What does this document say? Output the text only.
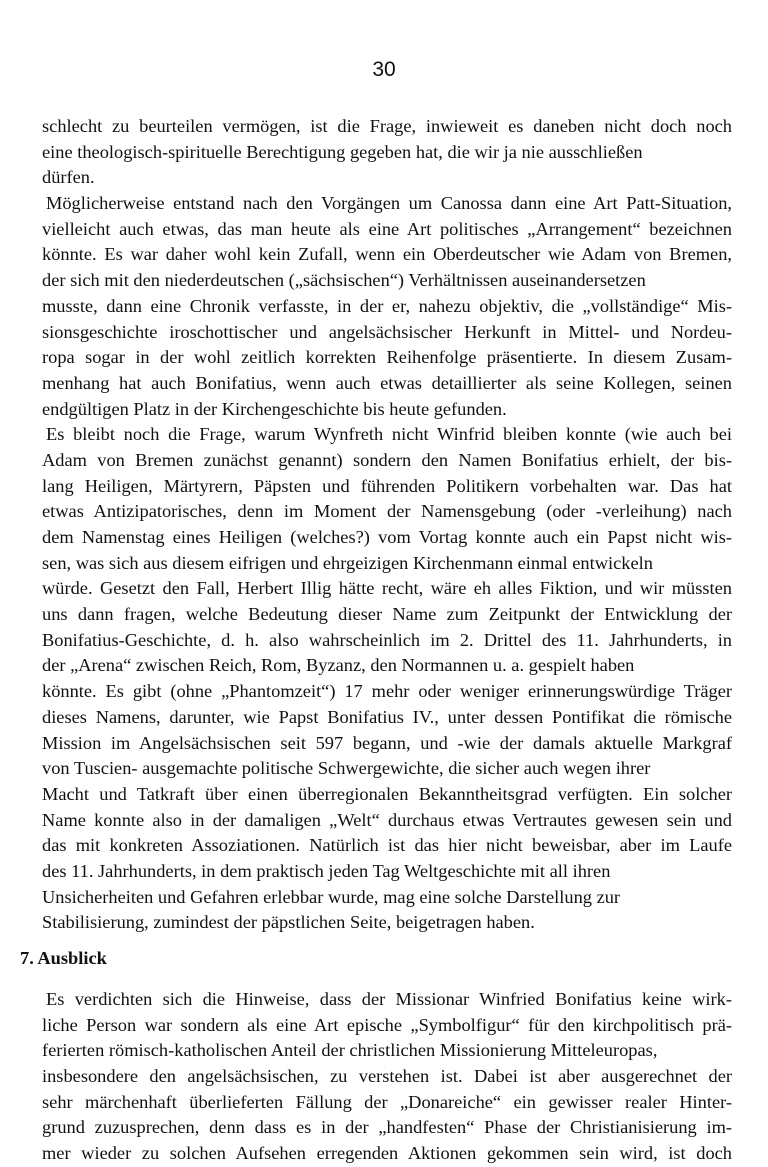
30
schlecht zu beurteilen vermögen, ist die Frage, inwieweit es daneben nicht doch noch
eine theologisch-spirituelle Berechtigung gegeben hat, die wir ja nie ausschließen
dürfen.
Möglicherweise entstand nach den Vorgängen um Canossa dann eine Art Patt-Situation,
vielleicht auch etwas, das man heute als eine Art politisches „Arrangement“ bezeichnen
könnte. Es war daher wohl kein Zufall, wenn ein Oberdeutscher wie Adam von Bremen,
der sich mit den niederdeutschen („sächsischen“) Verhältnissen auseinandersetzen
musste, dann eine Chronik verfasste, in der er, nahezu objektiv, die „vollständige“ Mis-
sionsgeschichte iroschottischer und angelsächsischer Herkunft in Mittel- und Nordeu-
ropa sogar in der wohl zeitlich korrekten Reihenfolge präsentierte. In diesem Zusam-
menhang hat auch Bonifatius, wenn auch etwas detaillierter als seine Kollegen, seinen
endgültigen Platz in der Kirchengeschichte bis heute gefunden.
Es bleibt noch die Frage, warum Wynfreth nicht Winfrid bleiben konnte (wie auch bei
Adam von Bremen zunächst genannt) sondern den Namen Bonifatius erhielt, der bis-
lang Heiligen, Märtyrern, Päpsten und führenden Politikern vorbehalten war. Das hat
etwas Antizipatorisches, denn im Moment der Namensgebung (oder -verleihung) nach
dem Namenstag eines Heiligen (welches?) vom Vortag konnte auch ein Papst nicht wis-
sen, was sich aus diesem eifrigen und ehrgeizigen Kirchenmann einmal entwickeln
würde. Gesetzt den Fall, Herbert Illig hätte recht, wäre eh alles Fiktion, und wir müssten
uns dann fragen, welche Bedeutung dieser Name zum Zeitpunkt der Entwicklung der
Bonifatius-Geschichte, d. h. also wahrscheinlich im 2. Drittel des 11. Jahrhunderts, in
der „Arena“ zwischen Reich, Rom, Byzanz, den Normannen u. a. gespielt haben
könnte. Es gibt (ohne „Phantomzeit“) 17 mehr oder weniger erinnerungswürdige Träger
dieses Namens, darunter, wie Papst Bonifatius IV., unter dessen Pontifikat die römische
Mission im Angelsächsischen seit 597 begann, und -wie der damals aktuelle Markgraf
von Tuscien- ausgemachte politische Schwergewichte, die sicher auch wegen ihrer
Macht und Tatkraft über einen überregionalen Bekanntheitsgrad verfügten. Ein solcher
Name konnte also in der damaligen „Welt“ durchaus etwas Vertrautes gewesen sein und
das mit konkreten Assoziationen. Natürlich ist das hier nicht beweisbar, aber im Laufe
des 11. Jahrhunderts, in dem praktisch jeden Tag Weltgeschichte mit all ihren
Unsicherheiten und Gefahren erlebbar wurde, mag eine solche Darstellung zur
Stabilisierung, zumindest der päpstlichen Seite, beigetragen haben.
7. Ausblick
Es verdichten sich die Hinweise, dass der Missionar Winfried Bonifatius keine wirk-
liche Person war sondern als eine Art epische „Symbolfigur“ für den kirchpolitisch prä-
ferierten römisch-katholischen Anteil der christlichen Missionierung Mitteleuropas,
insbesondere den angelsächsischen, zu verstehen ist. Dabei ist aber ausgerechnet der
sehr märchenhaft überlieferten Fällung der „Donareiche“ ein gewisser realer Hinter-
grund zuzusprechen, denn dass es in der „handfesten“ Phase der Christianisierung im-
mer wieder zu solchen Aufsehen erregenden Aktionen gekommen sein wird, ist doch
